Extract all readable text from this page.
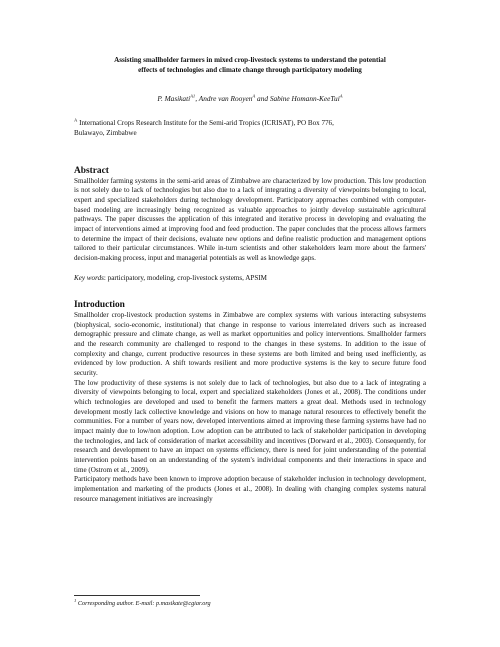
Assisting smallholder farmers in mixed crop-livestock systems to understand the potential
effects of technologies and climate change through participatory modeling
P. Masikati$^{A1}$, Andre van Rooyen$^A$ and Sabine Homann-KeeTui$^A$
$^A$ International Crops Research Institute for the Semi-arid Tropics (ICRISAT), PO Box 776,
Bulawayo, Zimbabwe
Abstract

Smallholder farming systems in the semi-arid areas of Zimbabwe are characterized by low production. This low production is not solely due to lack of technologies but also due to a lack of integrating a diversity of viewpoints belonging to local, expert and specialized stakeholders during technology development. Participatory approaches combined with computer-based modeling are increasingly being recognized as valuable approaches to jointly develop sustainable agricultural pathways. The paper discusses the application of this integrated and iterative process in developing and evaluating the impact of interventions aimed at improving food and feed production. The paper concludes that the process allows farmers to determine the impact of their decisions, evaluate new options and define realistic production and management options tailored to their particular circumstances. While in-turn scientists and other stakeholders learn more about the farmers' decision-making process, input and managerial potentials as well as knowledge gaps.

Key words: participatory, modeling, crop-livestock systems, APSIM
Introduction

Smallholder crop-livestock production systems in Zimbabwe are complex systems with various interacting subsystems (biophysical, socio-economic, institutional) that change in response to various interrelated drivers such as increased demographic pressure and climate change, as well as market opportunities and policy interventions. Smallholder farmers and the research community are challenged to respond to the changes in these systems. In addition to the issue of complexity and change, current productive resources in these systems are both limited and being used inefficiently, as evidenced by low production. A shift towards resilient and more productive systems is the key to secure future food security.

The low productivity of these systems is not solely due to lack of technologies, but also due to a lack of integrating a diversity of viewpoints belonging to local, expert and specialized stakeholders (Jones et al., 2008). The conditions under which technologies are developed and used to benefit the farmers matters a great deal. Methods used in technology development mostly lack collective knowledge and visions on how to manage natural resources to effectively benefit the communities. For a number of years now, developed interventions aimed at improving these farming systems have had no impact mainly due to low/non adoption. Low adoption can be attributed to lack of stakeholder participation in developing the technologies, and lack of consideration of market accessibility and incentives (Dorward et al., 2003). Consequently, for research and development to have an impact on systems efficiency, there is need for joint understanding of the potential intervention points based on an understanding of the system's individual components and their interactions in space and time (Ostrom et al., 2009).

Participatory methods have been known to improve adoption because of stakeholder inclusion in technology development, implementation and marketing of the products (Jones et al., 2008). In dealing with changing complex systems natural resource management initiatives are increasingly

$^1$ Corresponding author. E-mail: p.masikate@cgiar.org
